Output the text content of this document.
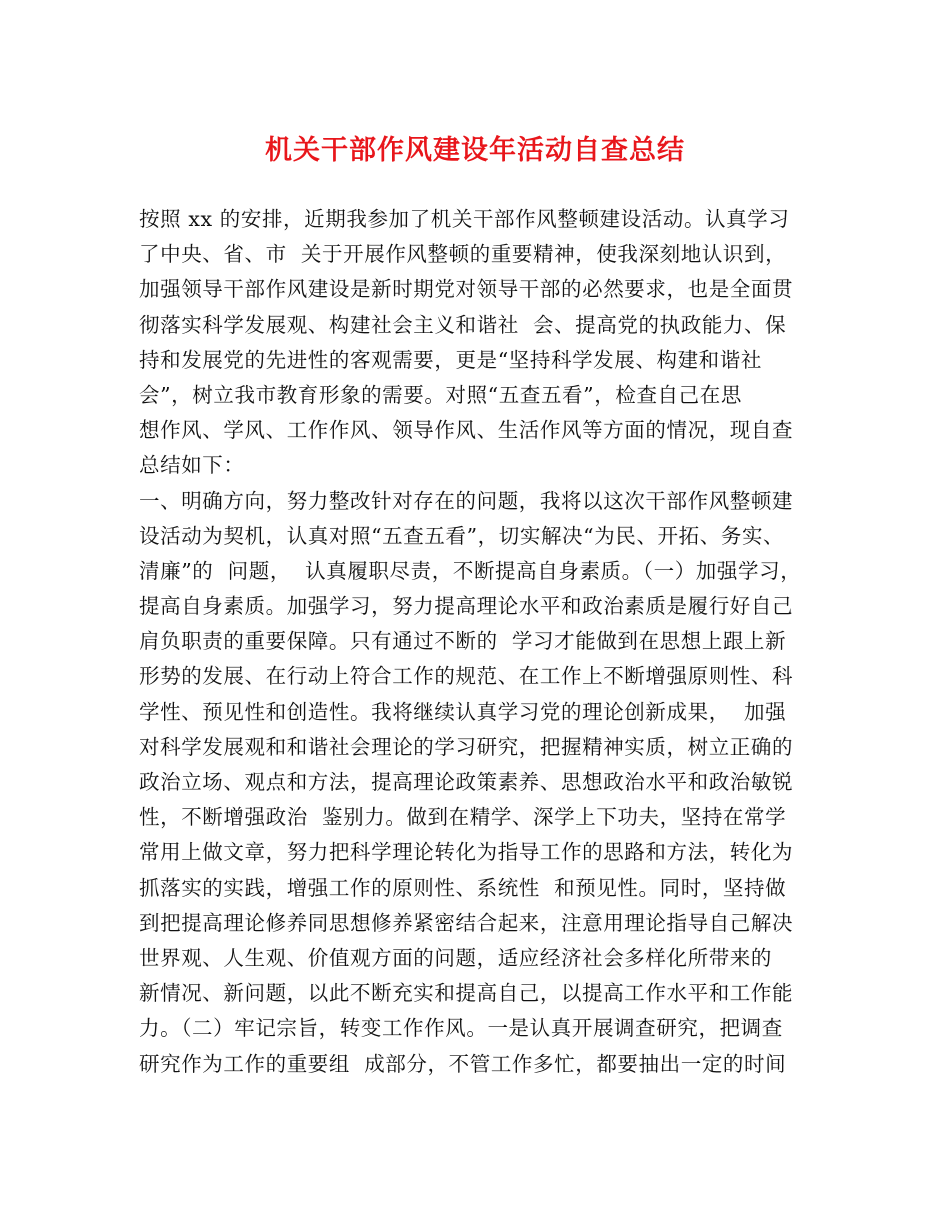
机关干部作风建设年活动自查总结
按照 xx 的安排，近期我参加了机关干部作风整顿建设活动。认真学习
了中央、省、市  关于开展作风整顿的重要精神，使我深刻地认识到，
加强领导干部作风建设是新时期党对领导干部的必然要求，也是全面贯
彻落实科学发展观、构建社会主义和谐社  会、提高党的执政能力、保
持和发展党的先进性的客观需要，更是“坚持科学发展、构建和谐社
会”，树立我市教育形象的需要。对照“五查五看”，检查自己在思
想作风、学风、工作作风、领导作风、生活作风等方面的情况，现自查
总结如下：
一、明确方向，努力整改针对存在的问题，我将以这次干部作风整顿建
设活动为契机，认真对照“五查五看”，切实解决“为民、开拓、务实、
清廉”的  问题，  认真履职尽责，不断提高自身素质。（一）加强学习，
提高自身素质。加强学习，努力提高理论水平和政治素质是履行好自己
肩负职责的重要保障。只有通过不断的  学习才能做到在思想上跟上新
形势的发展、在行动上符合工作的规范、在工作上不断增强原则性、科
学性、预见性和创造性。我将继续认真学习党的理论创新成果，  加强
对科学发展观和和谐社会理论的学习研究，把握精神实质，树立正确的
政治立场、观点和方法，提高理论政策素养、思想政治水平和政治敏锐
性，不断增强政治  鉴别力。做到在精学、深学上下功夫，坚持在常学
常用上做文章，努力把科学理论转化为指导工作的思路和方法，转化为
抓落实的实践，增强工作的原则性、系统性  和预见性。同时，坚持做
到把提高理论修养同思想修养紧密结合起来，注意用理论指导自己解决
世界观、人生观、价值观方面的问题，适应经济社会多样化所带来的
新情况、新问题，以此不断充实和提高自己，以提高工作水平和工作能
力。（二）牢记宗旨，转变工作作风。一是认真开展调查研究，把调查
研究作为工作的重要组  成部分，不管工作多忙，都要抽出一定的时间
